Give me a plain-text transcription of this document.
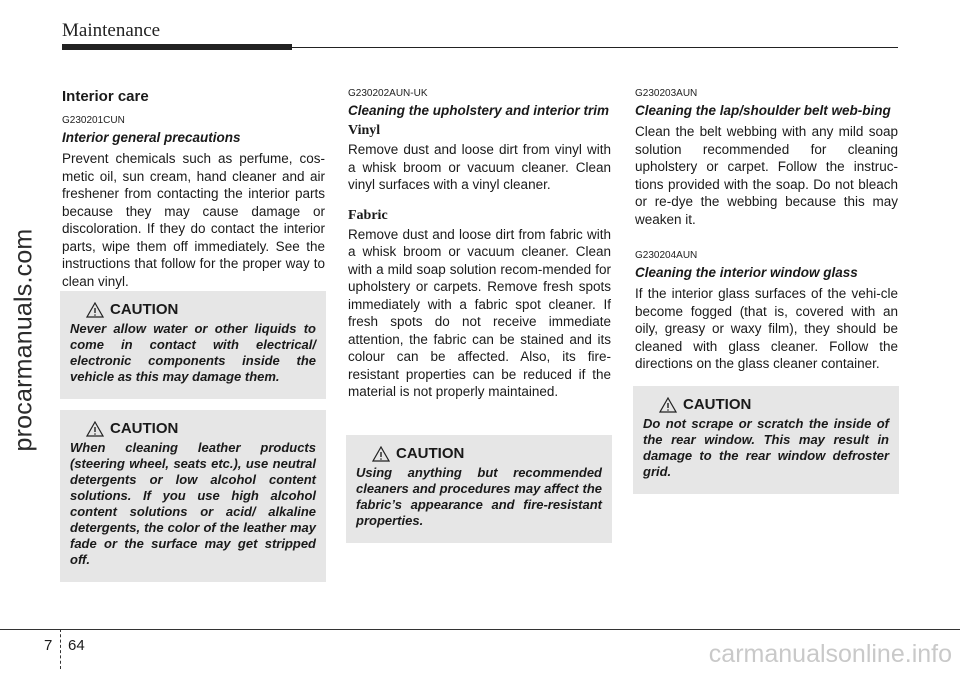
Maintenance
procarmanuals.com
Interior care
G230201CUN
Interior general precautions
Prevent chemicals such as perfume, cos-metic oil, sun cream, hand cleaner and air freshener from contacting the interior parts because they may cause damage or discoloration. If they do contact the interior parts, wipe them off immediately. See the instructions that follow for the proper way to clean vinyl.
CAUTION
Never allow water or other liquids to come in contact with electrical/ electronic components inside the vehicle as this may damage them.
CAUTION
When cleaning leather products (steering wheel, seats etc.), use neutral detergents or low alcohol content solutions. If you use high alcohol content solutions or acid/ alkaline detergents, the color of the leather may fade or the surface may get stripped off.
G230202AUN-UK
Cleaning the upholstery and interior trim
Vinyl
Remove dust and loose dirt from vinyl with a whisk broom or vacuum cleaner. Clean vinyl surfaces with a vinyl cleaner.
Fabric
Remove dust and loose dirt from fabric with a whisk broom or vacuum cleaner. Clean with a mild soap solution recom-mended for upholstery or carpets. Remove fresh spots immediately with a fabric spot cleaner. If fresh spots do not receive immediate attention, the fabric can be stained and its colour can be affected. Also, its fire-resistant properties can be reduced if the material is not properly maintained.
CAUTION
Using anything but recommended cleaners and procedures may affect the fabric’s appearance and fire-resistant properties.
G230203AUN
Cleaning the lap/shoulder belt web-bing
Clean the belt webbing with any mild soap solution recommended for cleaning upholstery or carpet. Follow the instruc-tions provided with the soap. Do not bleach or re-dye the webbing because this may weaken it.
G230204AUN
Cleaning the interior window glass
If the interior glass surfaces of the vehi-cle become fogged (that is, covered with an oily, greasy or waxy film), they should be cleaned with glass cleaner. Follow the directions on the glass cleaner container.
CAUTION
Do not scrape or scratch the inside of the rear window. This may result in damage to the rear window defroster grid.
7 64	carmanualsonline.info
